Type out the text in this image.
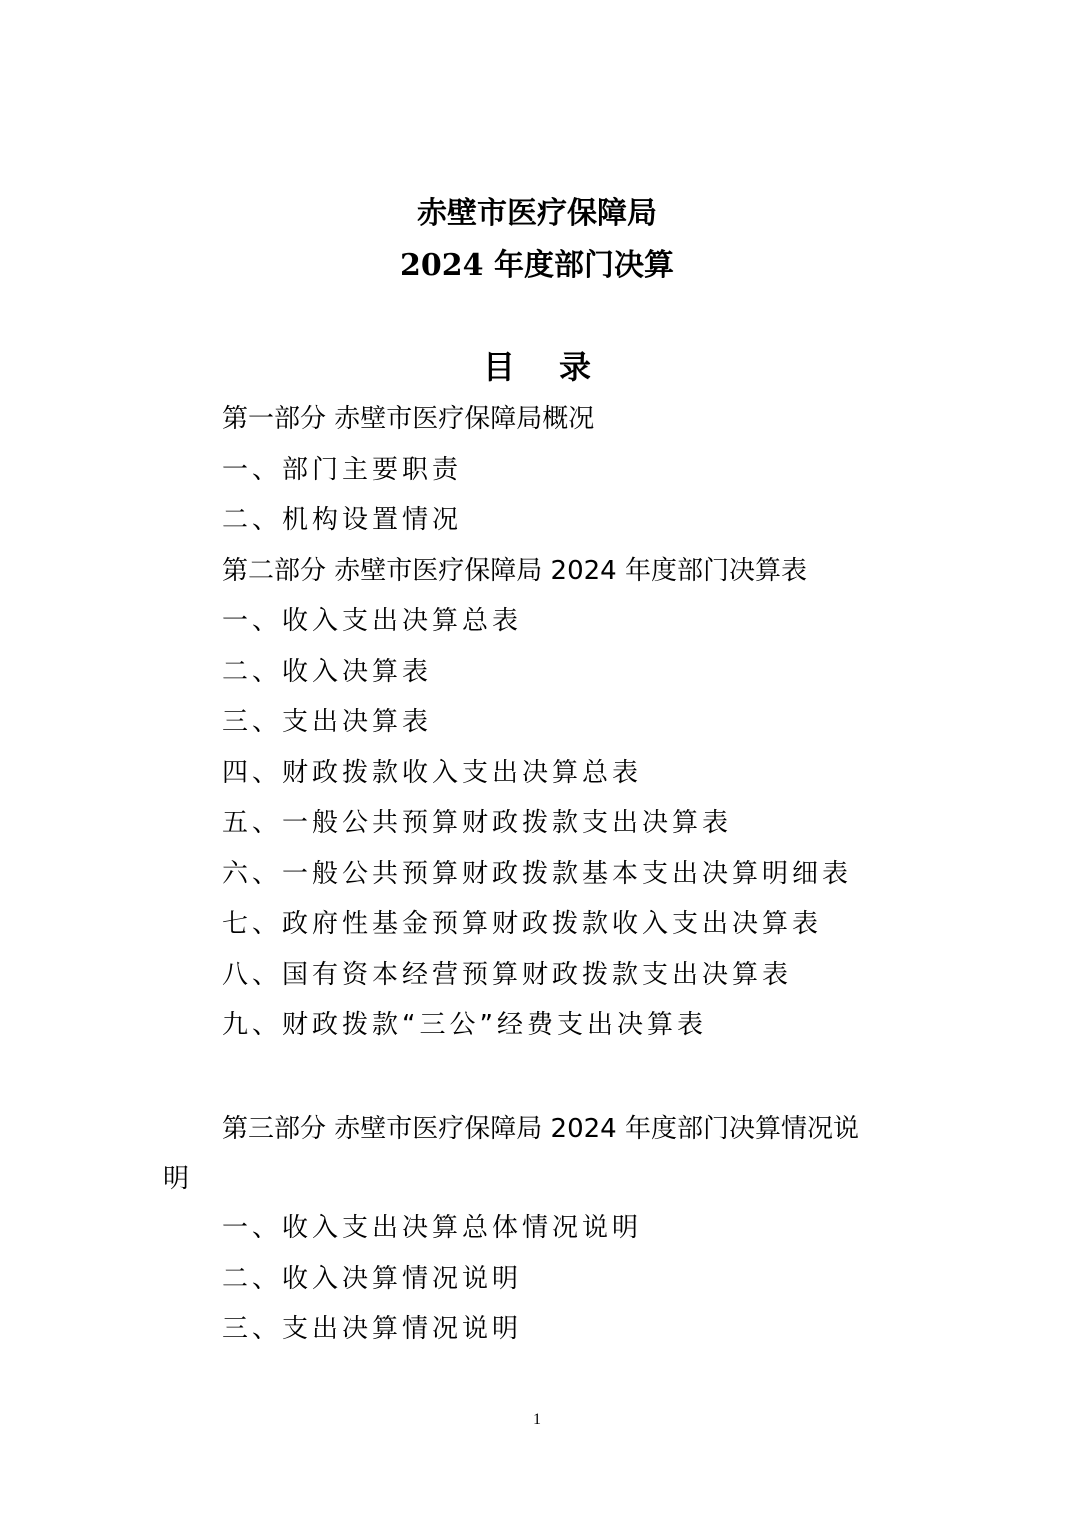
赤壁市医疗保障局
2024 年度部门决算
目录
第一部分 赤壁市医疗保障局概况
一、部门主要职责
二、机构设置情况
第二部分 赤壁市医疗保障局 2024 年度部门决算表
一、收入支出决算总表
二、收入决算表
三、支出决算表
四、财政拨款收入支出决算总表
五、一般公共预算财政拨款支出决算表
六、一般公共预算财政拨款基本支出决算明细表
七、政府性基金预算财政拨款收入支出决算表
八、国有资本经营预算财政拨款支出决算表
九、财政拨款“三公”经费支出决算表
第三部分 赤壁市医疗保障局 2024 年度部门决算情况说
明
一、收入支出决算总体情况说明
二、收入决算情况说明
三、支出决算情况说明
1
